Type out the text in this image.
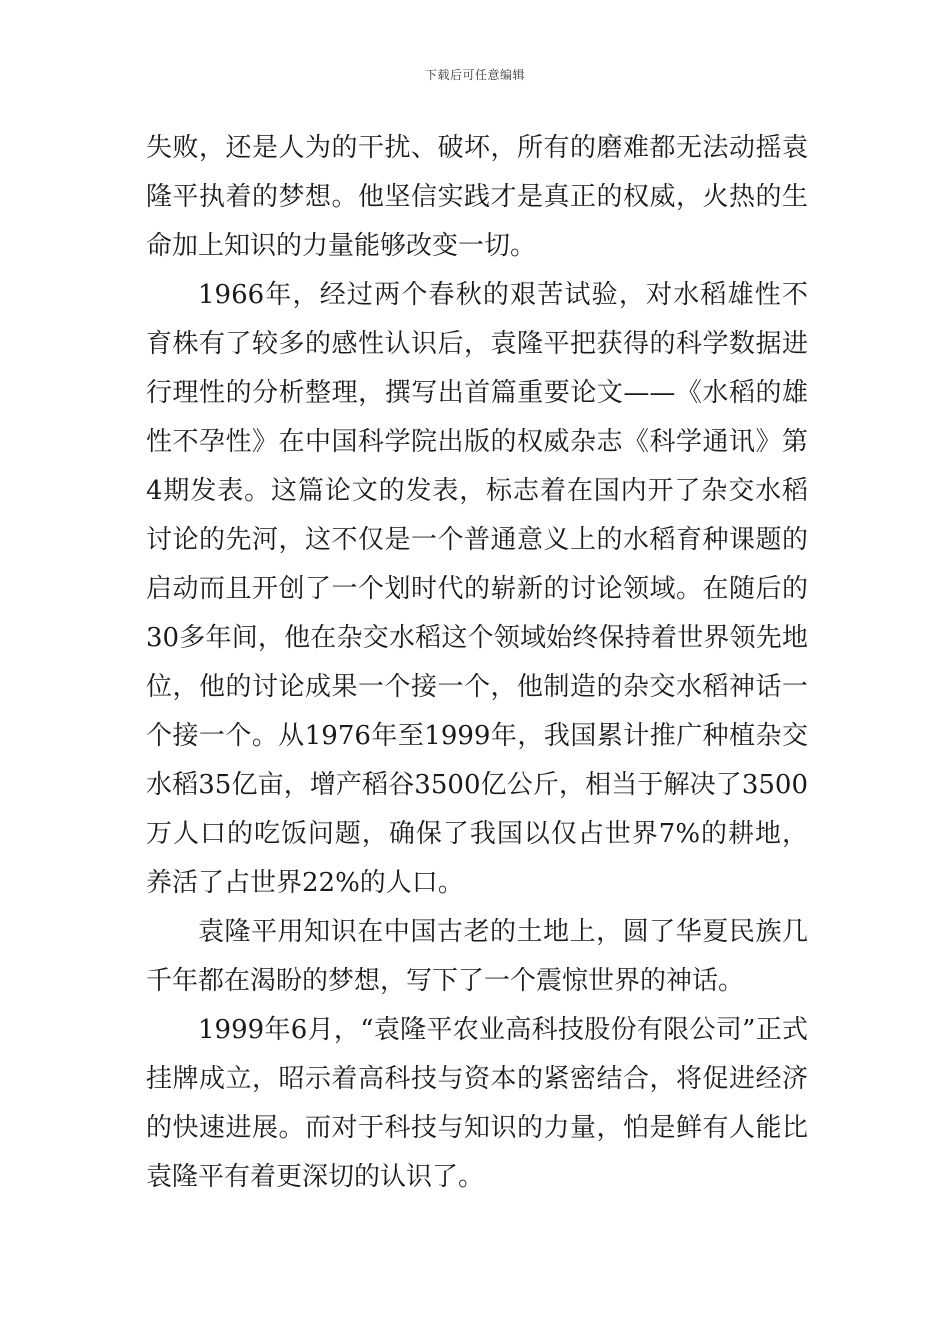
下载后可任意编辑

失败，还是人为的干扰、破坏，所有的磨难都无法动摇袁隆平执着的梦想。他坚信实践才是真正的权威，火热的生命加上知识的力量能够改变一切。

1966年，经过两个春秋的艰苦试验，对水稻雄性不育株有了较多的感性认识后，袁隆平把获得的科学数据进行理性的分析整理，撰写出首篇重要论文——《水稻的雄性不孕性》在中国科学院出版的权威杂志《科学通讯》第4期发表。这篇论文的发表，标志着在国内开了杂交水稻讨论的先河，这不仅是一个普通意义上的水稻育种课题的启动而且开创了一个划时代的崭新的讨论领域。在随后的30多年间，他在杂交水稻这个领域始终保持着世界领先地位，他的讨论成果一个接一个，他制造的杂交水稻神话一个接一个。从1976年至1999年，我国累计推广种植杂交水稻35亿亩，增产稻谷3500亿公斤，相当于解决了3500万人口的吃饭问题，确保了我国以仅占世界7%的耕地，养活了占世界22%的人口。

袁隆平用知识在中国古老的土地上，圆了华夏民族几千年都在渴盼的梦想，写下了一个震惊世界的神话。

1999年6月，“袁隆平农业高科技股份有限公司”正式挂牌成立，昭示着高科技与资本的紧密结合，将促进经济的快速进展。而对于科技与知识的力量，怕是鲜有人能比袁隆平有着更深切的认识了。
